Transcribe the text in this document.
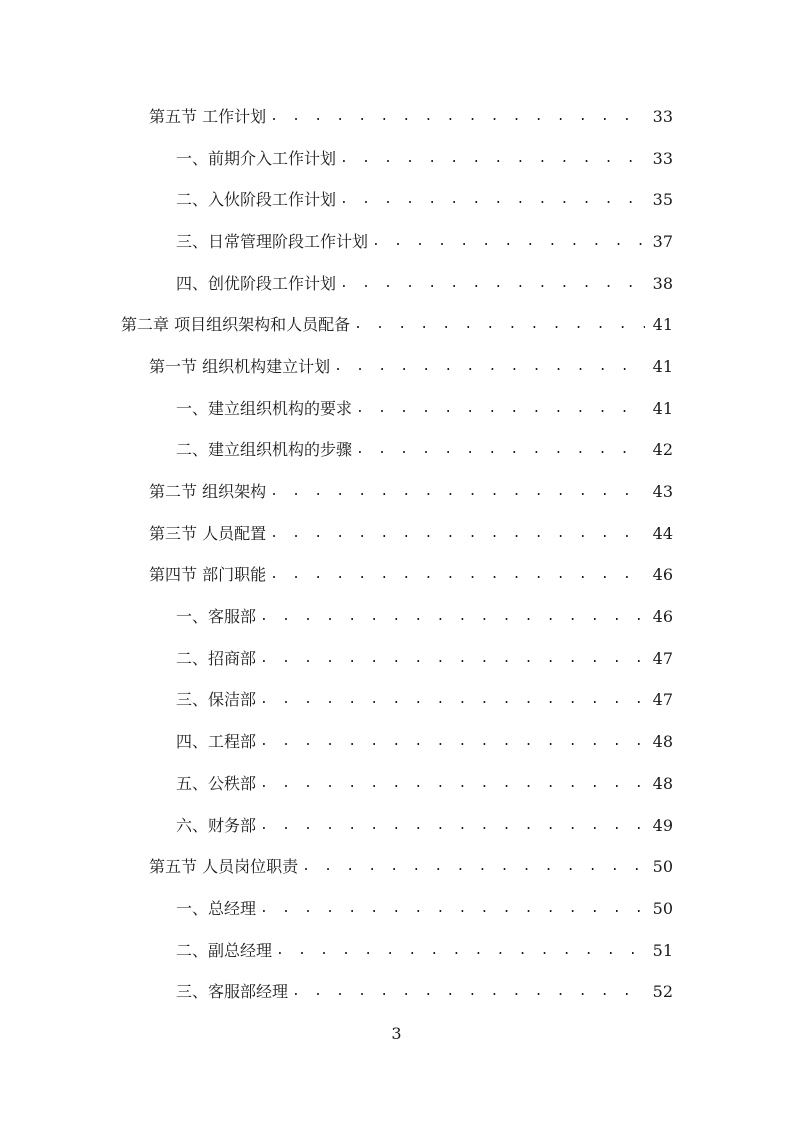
第五节 工作计划 . . .	33
一、前期介入工作计划 . . .	33
二、入伙阶段工作计划 . . .	35
三、日常管理阶段工作计划 . . .	37
四、创优阶段工作计划 . . .	38
第二章 项目组织架构和人员配备 . . .	41
第一节 组织机构建立计划 . . .	41
一、建立组织机构的要求 . . .	41
二、建立组织机构的步骤 . . .	42
第二节 组织架构 . . .	43
第三节 人员配置 . . .	44
第四节 部门职能 . . .	46
一、客服部 . . .	46
二、招商部 . . .	47
三、保洁部 . . .	47
四、工程部 . . .	48
五、公秩部 . . .	48
六、财务部 . . .	49
第五节 人员岗位职责 . . .	50
一、总经理 . . .	50
二、副总经理 . . .	51
三、客服部经理 . . .	52
3
